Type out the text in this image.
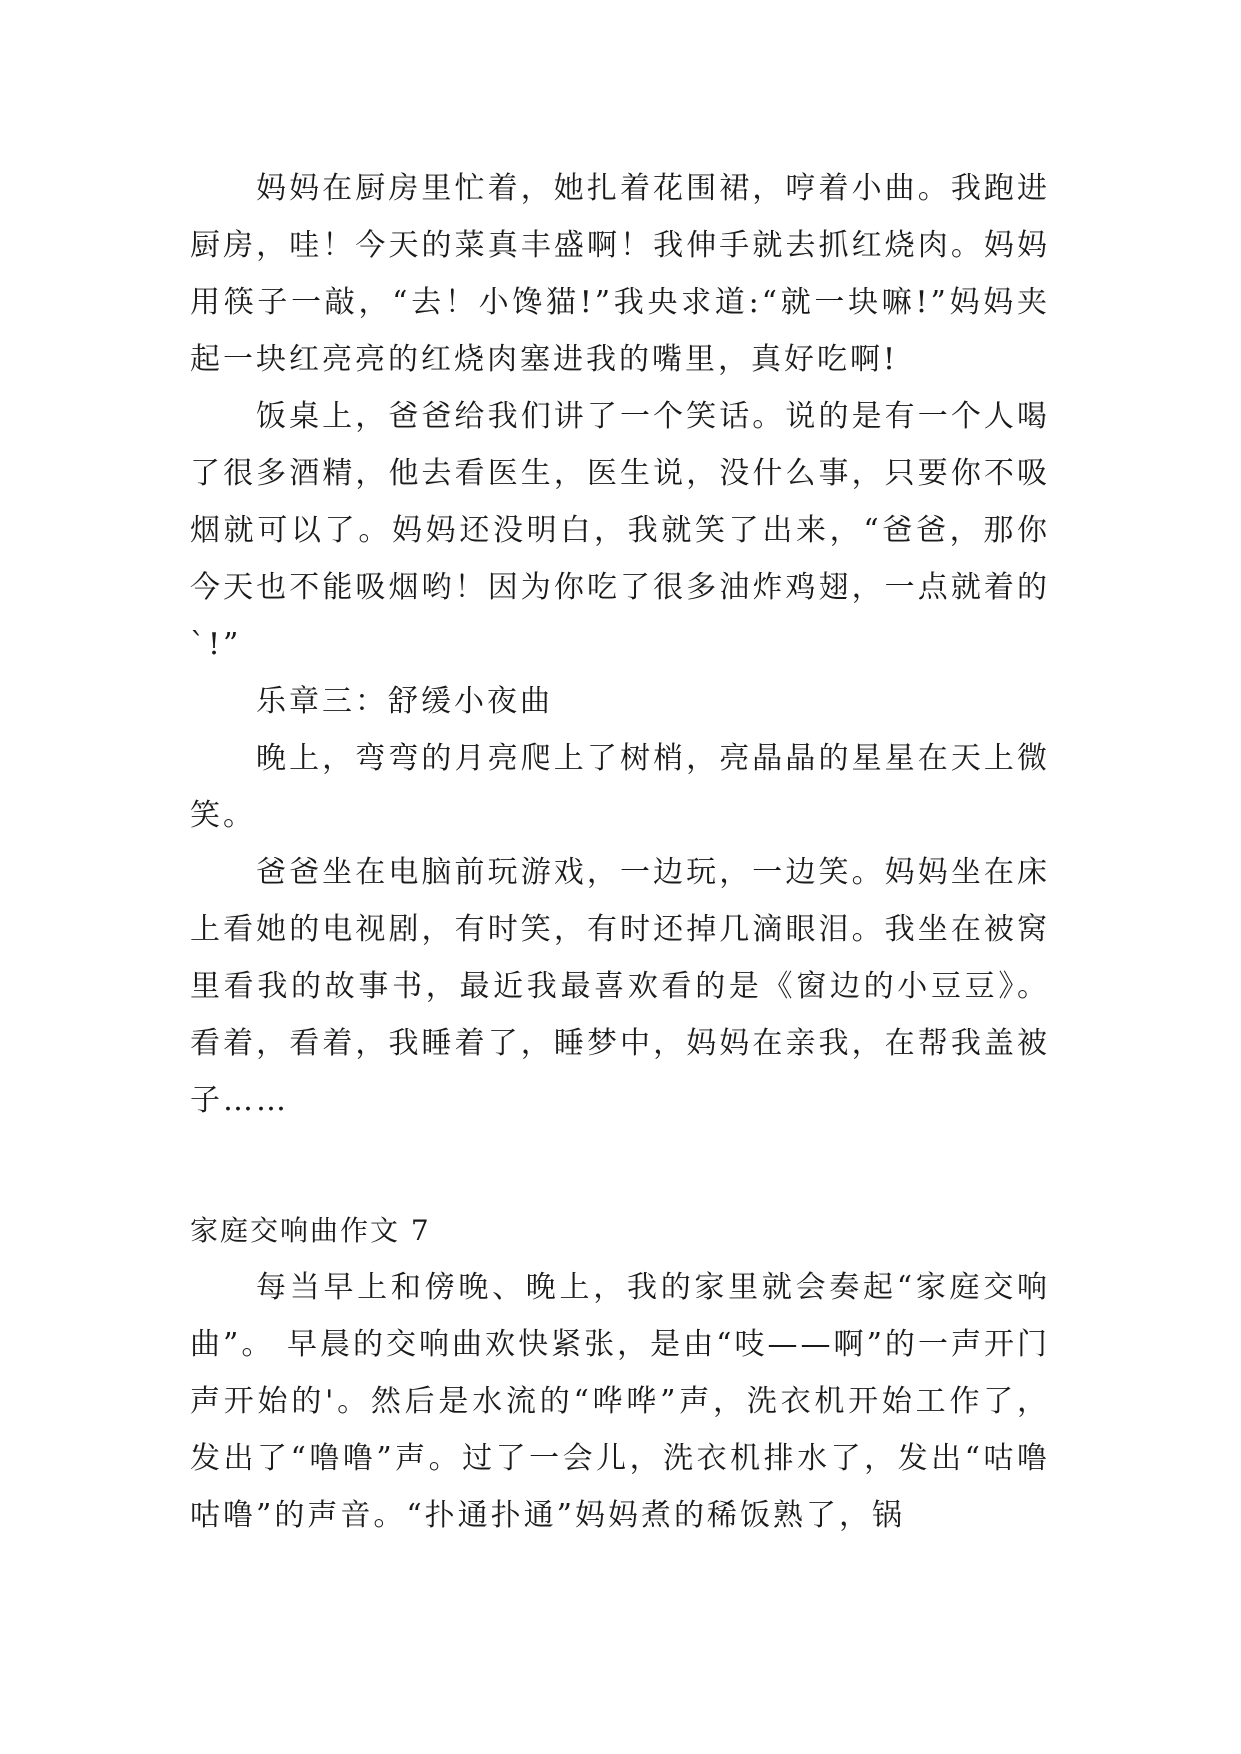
妈妈在厨房里忙着，她扎着花围裙，哼着小曲。我跑进厨房，哇！今天的菜真丰盛啊！我伸手就去抓红烧肉。妈妈用筷子一敲，“去！小馋猫!”我央求道:“就一块嘛!”妈妈夹起一块红亮亮的红烧肉塞进我的嘴里，真好吃啊!

饭桌上，爸爸给我们讲了一个笑话。说的是有一个人喝了很多酒精，他去看医生，医生说，没什么事，只要你不吸烟就可以了。妈妈还没明白，我就笑了出来，“爸爸，那你今天也不能吸烟哟！因为你吃了很多油炸鸡翅，一点就着的`!”

乐章三：舒缓小夜曲

晚上，弯弯的月亮爬上了树梢，亮晶晶的星星在天上微笑。

爸爸坐在电脑前玩游戏，一边玩，一边笑。妈妈坐在床上看她的电视剧，有时笑，有时还掉几滴眼泪。我坐在被窝里看我的故事书，最近我最喜欢看的是《窗边的小豆豆》。看着，看着，我睡着了，睡梦中，妈妈在亲我，在帮我盖被子……

家庭交响曲作文 7

每当早上和傍晚、晚上，我的家里就会奏起“家庭交响曲”。 早晨的交响曲欢快紧张，是由“吱——啊”的一声开门声开始的'。然后是水流的“哗哗”声，洗衣机开始工作了，发出了“噜噜”声。过了一会儿，洗衣机排水了，发出“咕噜咕噜”的声音。“扑通扑通”妈妈煮的稀饭熟了，锅
